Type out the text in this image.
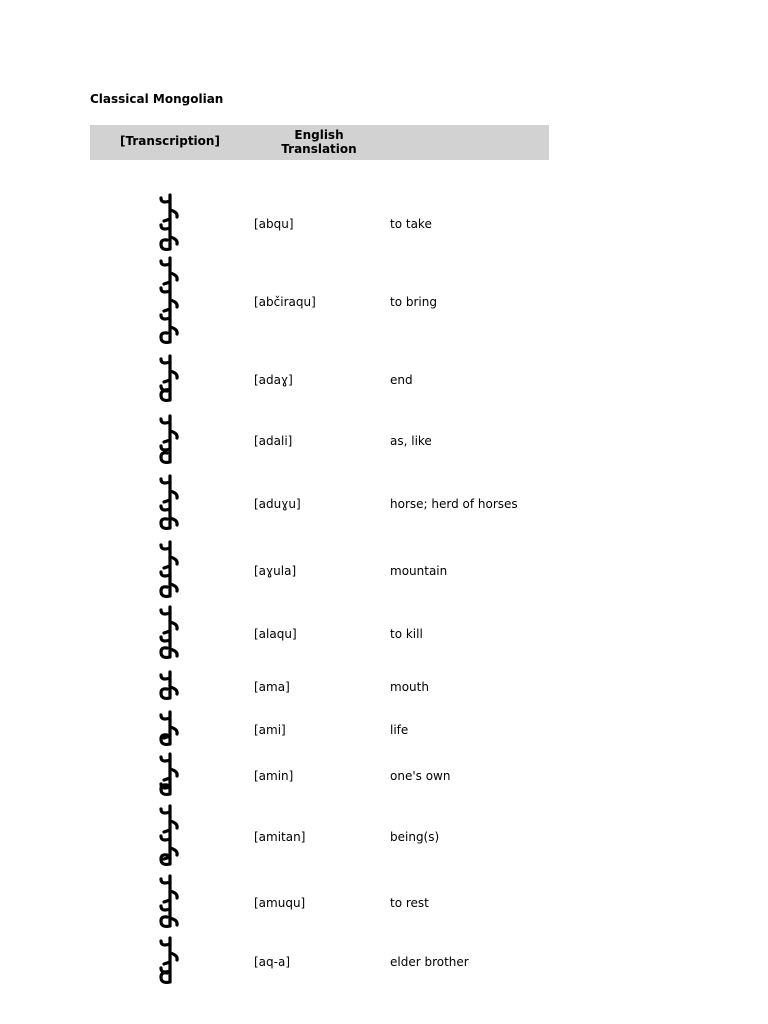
Classical Mongolian
[Transcription]	English
Translation
[abqu]	to take
[abčiraqu]	to bring
[adaɣ]	end
[adali]	as, like
[aduɣu]	horse; herd of horses
[aɣula]	mountain
[alaqu]	to kill
[ama]	mouth
[ami]	life
[amin]	one's own
[amitan]	being(s)
[amuqu]	to rest
[aq-a]	elder brother
